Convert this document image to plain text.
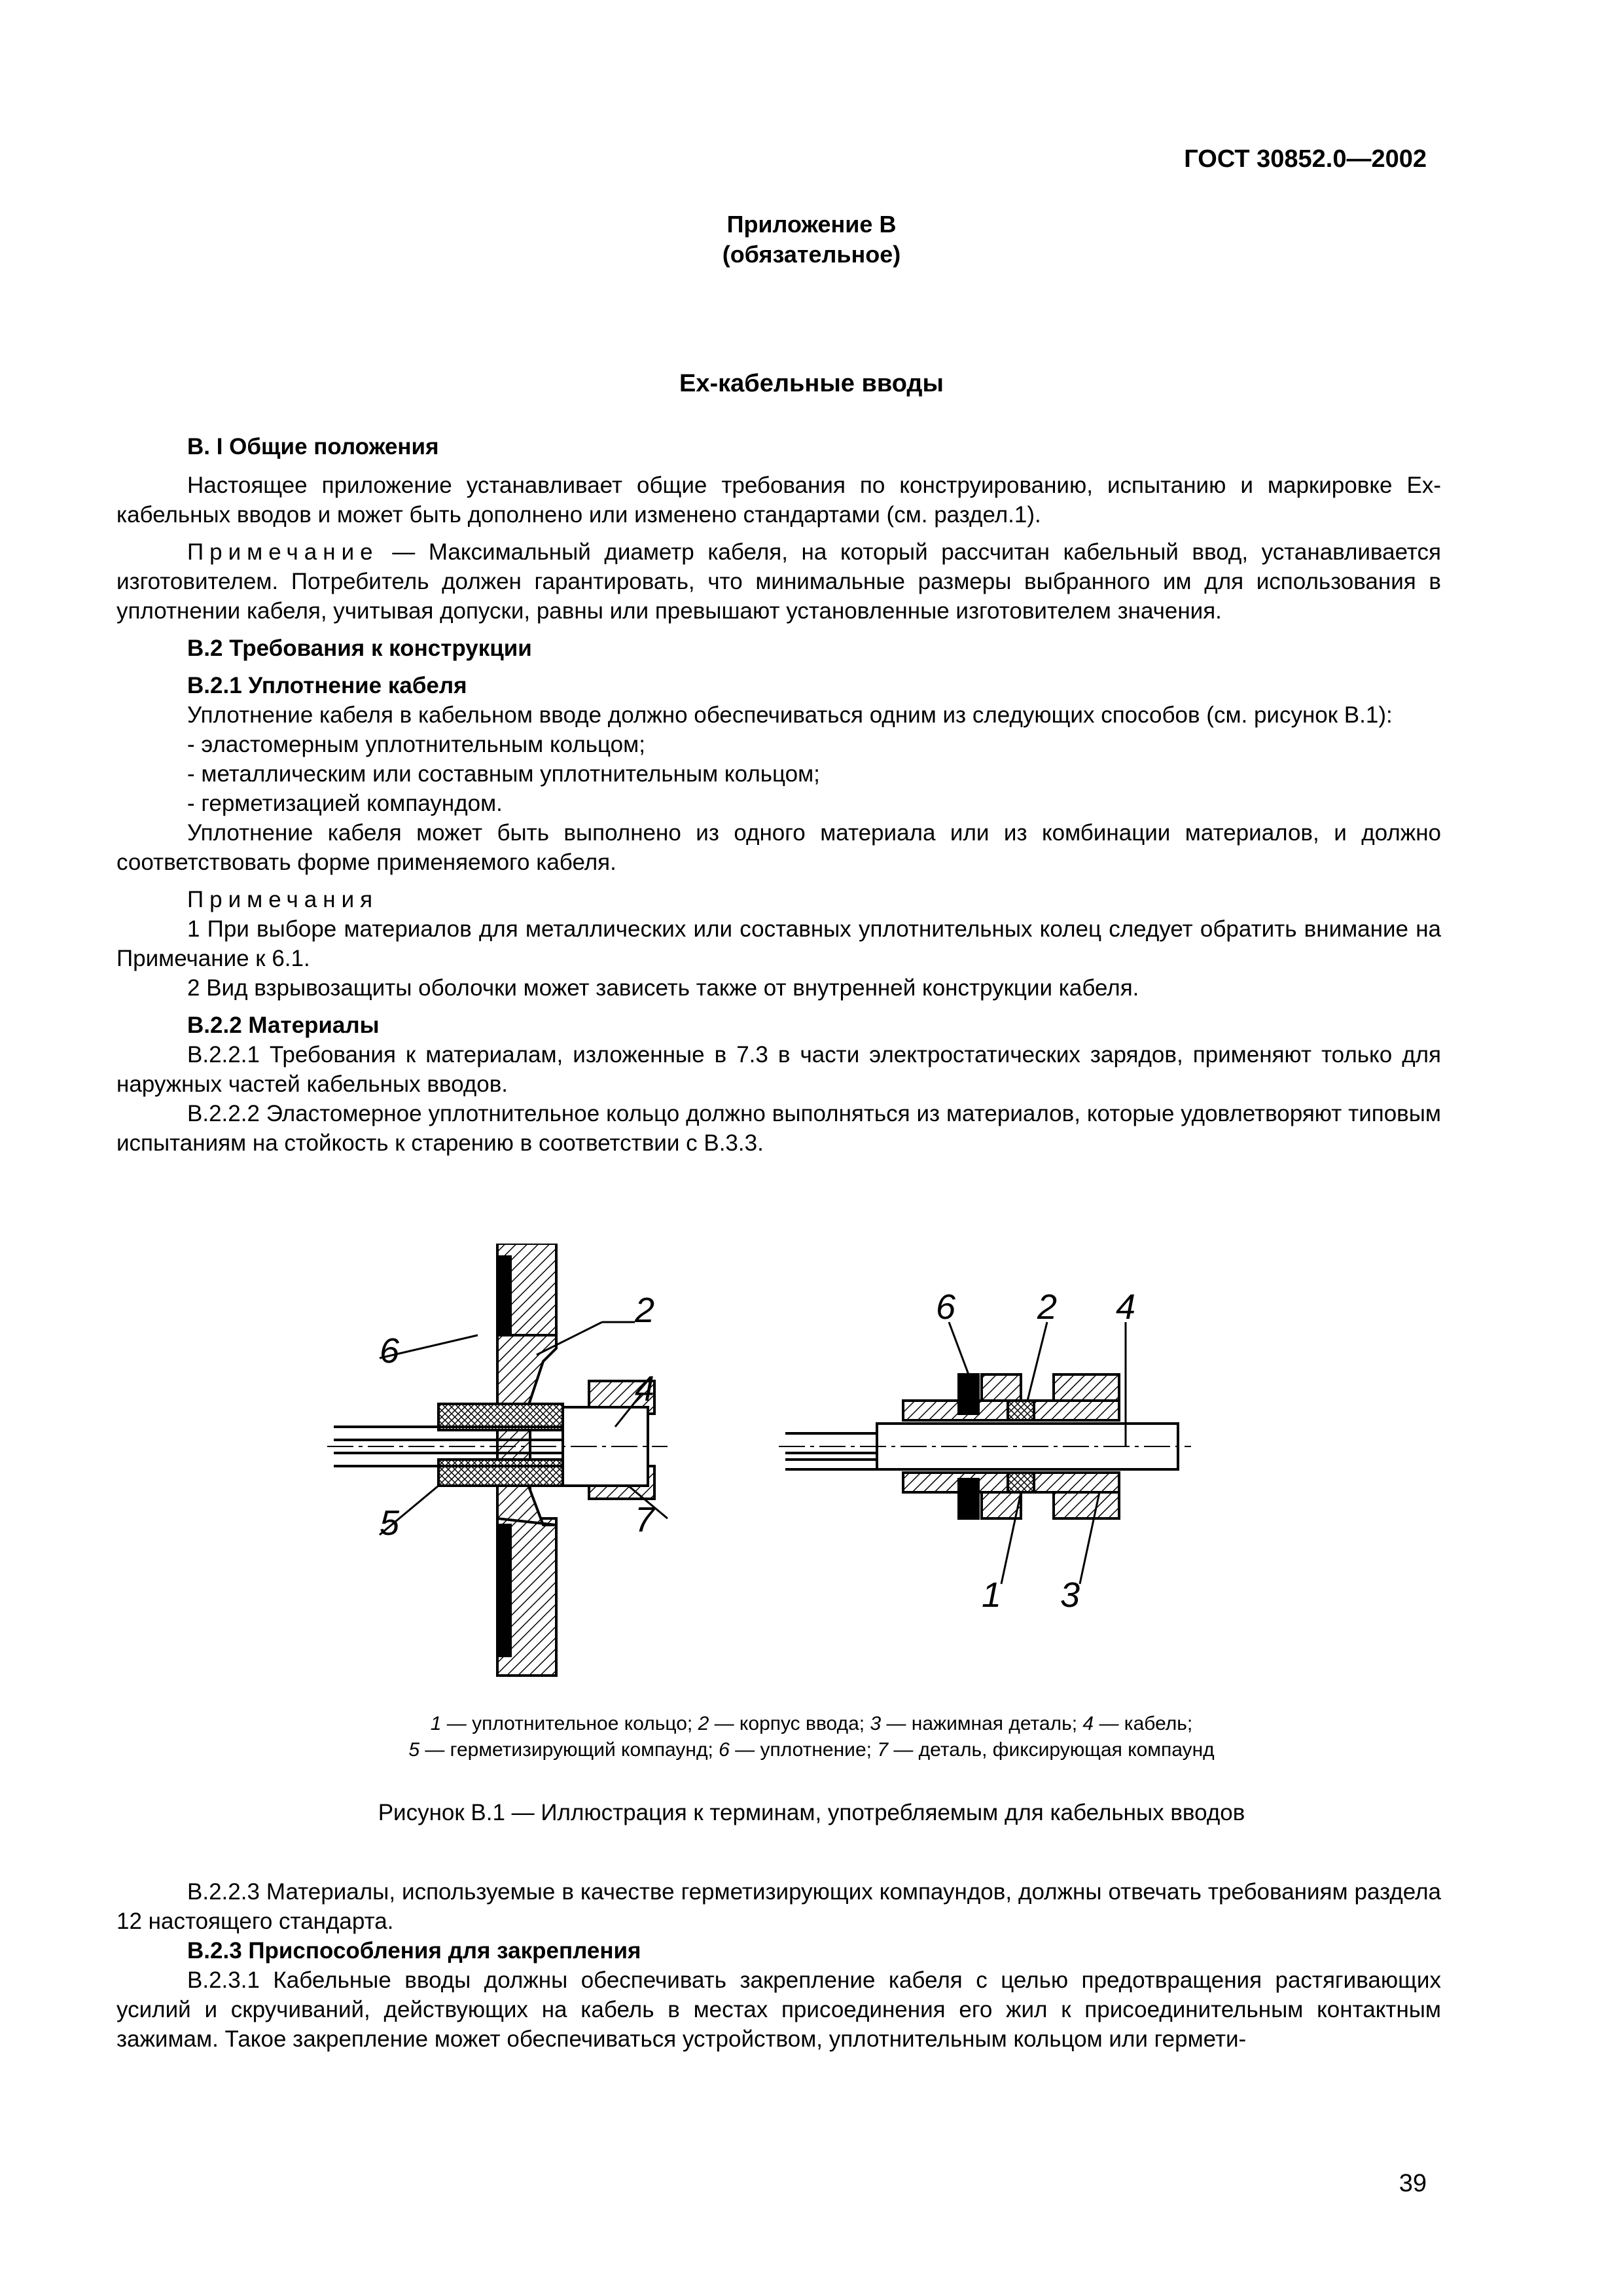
ГОСТ 30852.0—2002
Приложение В
(обязательное)
Ex-кабельные вводы

В. I Общие положения

Настоящее приложение устанавливает общие требования по конструированию, испытанию и маркировке Ex-кабельных вводов и может быть дополнено или изменено стандартами (см. раздел.1).

Примечание — Максимальный диаметр кабеля, на который рассчитан кабельный ввод, устанавливается изготовителем. Потребитель должен гарантировать, что минимальные размеры выбранного им для использования в уплотнении кабеля, учитывая допуски, равны или превышают установленные изготовителем значения.

В.2 Требования к конструкции

В.2.1 Уплотнение кабеля

Уплотнение кабеля в кабельном вводе должно обеспечиваться одним из следующих способов (см. рисунок В.1):

- эластомерным уплотнительным кольцом;

- металлическим или составным уплотнительным кольцом;

- герметизацией компаундом.

Уплотнение кабеля может быть выполнено из одного материала или из комбинации материалов, и должно соответствовать форме применяемого кабеля.

Примечания

1 При выборе материалов для металлических или составных уплотнительных колец следует обратить внимание на Примечание к 6.1.

2 Вид взрывозащиты оболочки может зависеть также от внутренней конструкции кабеля.

В.2.2 Материалы

В.2.2.1 Требования к материалам, изложенные в 7.3 в части электростатических зарядов, применяют только для наружных частей кабельных вводов.

В.2.2.2 Эластомерное уплотнительное кольцо должно выполняться из материалов, которые удовлетворяют типовым испытаниям на стойкость к старению в соответствии с В.3.3.

6
2
4
5	7
6 2 4
1 3
1 — уплотнительное кольцо; 2 — корпус ввода; 3 — нажимная деталь; 4 — кабель;
5 — герметизирующий компаунд; 6 — уплотнение; 7 — деталь, фиксирующая компаунд
Рисунок В.1 — Иллюстрация к терминам, употребляемым для кабельных вводов

В.2.2.3 Материалы, используемые в качестве герметизирующих компаундов, должны отвечать требованиям раздела 12 настоящего стандарта.

В.2.3 Приспособления для закрепления

В.2.3.1 Кабельные вводы должны обеспечивать закрепление кабеля с целью предотвращения растягивающих усилий и скручиваний, действующих на кабель в местах присоединения его жил к присоединительным контактным зажимам. Такое закрепление может обеспечиваться устройством, уплотнительным кольцом или гермети-

39
